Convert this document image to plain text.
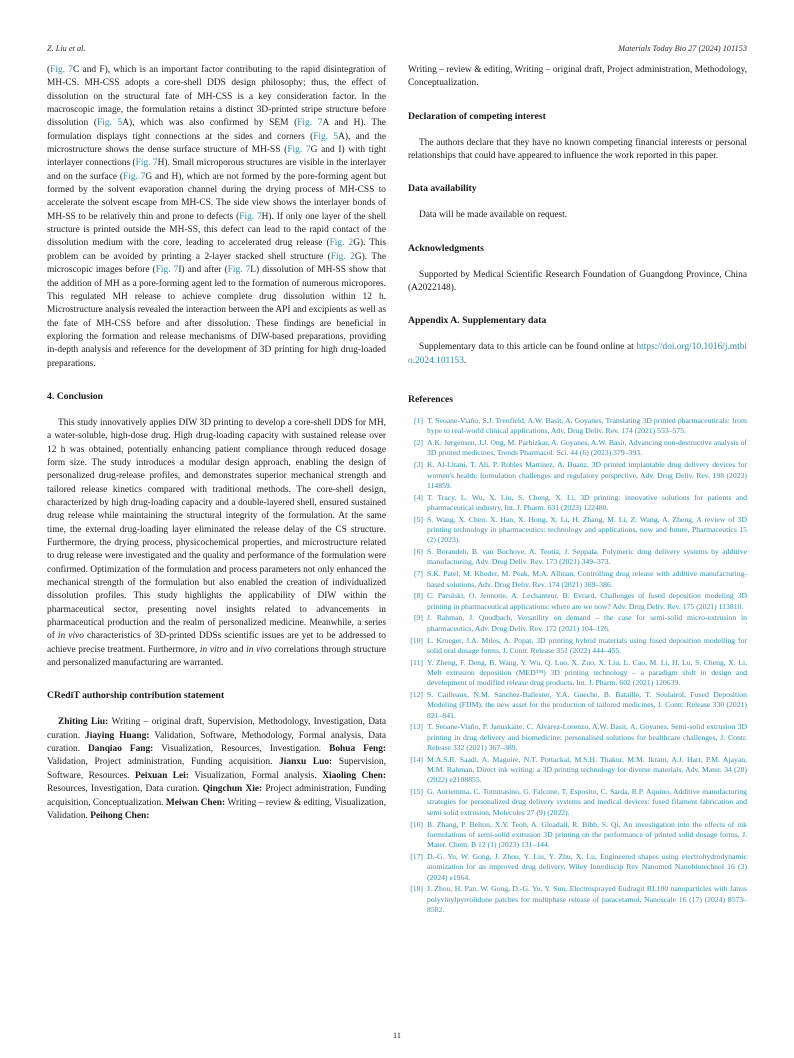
Z. Liu et al.	Materials Today Bio 27 (2024) 101153

(Fig. 7C and F), which is an important factor contributing to the rapid disintegration of MH-CS. MH-CSS adopts a core-shell DDS design philosophy; thus, the effect of dissolution on the structural fate of MH-CSS is a key consideration factor. In the macroscopic image, the formulation retains a distinct 3D-printed stripe structure before dissolution (Fig. 5A), which was also confirmed by SEM (Fig. 7A and H). The formulation displays tight connections at the sides and corners (Fig. 5A), and the microstructure shows the dense surface structure of MH-SS (Fig. 7G and I) with tight interlayer connections (Fig. 7H). Small microporous structures are visible in the interlayer and on the surface (Fig. 7G and H), which are not formed by the pore-forming agent but formed by the solvent evaporation channel during the drying process of MH-CSS to accelerate the solvent escape from MH-CS. The side view shows the interlayer bonds of MH-SS to be relatively thin and prone to defects (Fig. 7H). If only one layer of the shell structure is printed outside the MH-SS, this defect can lead to the rapid contact of the dissolution medium with the core, leading to accelerated drug release (Fig. 2G). This problem can be avoided by printing a 2-layer stacked shell structure (Fig. 2G). The microscopic images before (Fig. 7I) and after (Fig. 7L) dissolution of MH-SS show that the addition of MH as a pore-forming agent led to the formation of numerous micropores. This regulated MH release to achieve complete drug dissolution within 12 h. Microstructure analysis revealed the interaction between the API and excipients as well as the fate of MH-CSS before and after dissolution. These findings are beneficial in exploring the formation and release mechanisms of DIW-based preparations, providing in-depth analysis and reference for the development of 3D printing for high drug-loaded preparations.

4. Conclusion

This study innovatively applies DIW 3D printing to develop a core-shell DDS for MH, a water-soluble, high-dose drug. High drug-loading capacity with sustained release over 12 h was obtained, potentially enhancing patient compliance through reduced dosage form size. The study introduces a modular design approach, enabling the design of personalized drug-release profiles, and demonstrates superior mechanical strength and tailored release kinetics compared with traditional methods. The core-shell design, characterized by high drug-loading capacity and a double-layered shell, ensured sustained drug release while maintaining the structural integrity of the formulation. At the same time, the external drug-loading layer eliminated the release delay of the CS structure. Furthermore, the drying process, physicochemical properties, and microstructure related to drug release were investigated and the quality and performance of the formulation were confirmed. Optimization of the formulation and process parameters not only enhanced the mechanical strength of the formulation but also enabled the creation of individualized dissolution profiles. This study highlights the applicability of DIW within the pharmaceutical sector, presenting novel insights related to advancements in pharmaceutical production and the realm of personalized medicine. Meanwhile, a series of in vivo characteristics of 3D-printed DDSs scientific issues are yet to be addressed to achieve precise treatment. Furthermore, in vitro and in vivo correlations through structure and personalized manufacturing are warranted.

CRediT authorship contribution statement

Zhiting Liu: Writing – original draft, Supervision, Methodology, Investigation, Data curation. Jiaying Huang: Validation, Software, Methodology, Formal analysis, Data curation. Danqiao Fang: Visualization, Resources, Investigation. Bohua Feng: Validation, Project administration, Funding acquisition. Jianxu Luo: Supervision, Software, Resources. Peixuan Lei: Visualization, Formal analysis. Xiaoling Chen: Resources, Investigation, Data curation. Qingchun Xie: Project administration, Funding acquisition, Conceptualization. Meiwan Chen: Writing – review & editing, Visualization, Validation. Peihong Chen:

Writing – review & editing, Writing – original draft, Project administration, Methodology, Conceptualization.

Declaration of competing interest

The authors declare that they have no known competing financial interests or personal relationships that could have appeared to influence the work reported in this paper.

Data availability

Data will be made available on request.

Acknowledgments

Supported by Medical Scientific Research Foundation of Guangdong Province, China (A2022148).

Appendix A. Supplementary data

Supplementary data to this article can be found online at https://doi.org/10.1016/j.mtbio.2024.101153.

References
[1] T. Seoane-Viaño, S.J. Trenfield, A.W. Basit, A. Goyanes, Translating 3D printed pharmaceuticals: from hype to real-world clinical applications, Adv. Drug Deliv. Rev. 174 (2021) 553–575.
[2] A.K. Jørgensen, J.J. Ong, M. Parhizkar, A. Goyanes, A.W. Basit, Advancing non-destructive analysis of 3D printed medicines, Trends Pharmacol. Sci. 44 (6) (2023) 379–393.
[3] K. Al-Litani, T. Ali, P. Robles Martinez, A. Buanz, 3D printed implantable drug delivery devices for women's health: formulation challenges and regulatory perspective, Adv. Drug Deliv. Rev. 198 (2023) 114859.
[4] T. Tracy, L. Wu, X. Liu, S. Cheng, X. Li, 3D printing: innovative solutions for patients and pharmaceutical industry, Int. J. Pharm. 631 (2023) 122480.
[5] S. Wang, X. Chen, X. Han, X. Hong, X. Li, H. Zhang, M. Li, Z. Wang, A. Zheng, A review of 3D printing technology in pharmaceutics: technology and applications, now and future, Pharmaceutics 15 (2) (2023).
[6] S. Borandeh, B. van Bochove, A. Teotia, J. Seppala, Polymeric drug delivery systems by additive manufacturing, Adv. Drug Deliv. Rev. 173 (2021) 349–373.
[7] S.K. Patel, M. Khoder, M. Peak, M.A. Alhnan, Controlling drug release with additive manufacturing-based solutions, Adv. Drug Deliv. Rev. 174 (2021) 369–386.
[8] C. Parulski, O. Jennotte, A. Lechanteur, B. Evrard, Challenges of fused deposition modeling 3D printing in pharmaceutical applications: where are we now? Adv. Drug Deliv. Rev. 175 (2021) 113810.
[9] J. Rahman, J. Quodbach, Versatility on demand – the case for semi-solid micro-extrusion in pharmaceutics, Adv. Drug Deliv. Rev. 172 (2021) 104–126.
[10] L. Krueger, J.A. Miles, A. Popat, 3D printing hybrid materials using fused deposition modelling for solid oral dosage forms, J. Contr. Release 351 (2022) 444–455.
[11] Y. Zheng, F. Deng, B. Wang, Y. Wu, Q. Luo, X. Zuo, X. Liu, L. Cao, M. Li, H. Lu, S. Cheng, X. Li, Melt extrusion deposition (MED™) 3D printing technology – a paradigm shift in design and development of modified release drug products, Int. J. Pharm. 602 (2021) 120639.
[12] S. Cailleaux, N.M. Sanchez-Ballester, Y.A. Gueche, B. Bataille, T. Soulairol, Fused Deposition Modeling (FDM), the new asset for the production of tailored medicines, J. Contr. Release 330 (2021) 821–841.
[13] T. Seoane-Viaño, P. Januskaite, C. Alvarez-Lorenzo, A.W. Basit, A. Goyanes, Semi-solid extrusion 3D printing in drug delivery and biomedicine: personalised solutions for healthcare challenges, J. Contr. Release 332 (2021) 367–389.
[14] M.A.S.R. Saadi, A. Maguire, N.T. Pottackal, M.S.H. Thakur, M.M. Ikram, A.J. Hart, P.M. Ajayan, M.M. Rahman, Direct ink writing: a 3D printing technology for diverse materials, Adv. Mater. 34 (28) (2022) e2108855.
[15] G. Auriemma, C. Tommasino, G. Falcone, T. Esposito, C. Sarda, R.P. Aquino, Additive manufacturing strategies for personalized drug delivery systems and medical devices: fused filament fabrication and semi solid extrusion, Molecules 27 (9) (2022).
[16] B. Zhang, P. Belton, X.Y. Teoh, A. Gleadall, R. Bibb, S. Qi, An investigation into the effects of ink formulations of semi-solid extrusion 3D printing on the performance of printed solid dosage forms, J. Mater. Chem. B 12 (1) (2023) 131–144.
[17] D.-G. Yu, W. Gong, J. Zhou, Y. Liu, Y. Zhu, X. Lu, Engineered shapes using electrohydrodynamic atomization for an improved drug delivery, Wiley Interdiscip Rev Nanomed Nanobiotechnol 16 (3) (2024) e1964.
[18] J. Zhou, H. Pan, W. Gong, D.-G. Yu, Y. Sun, Electrosprayed Eudragit RL100 nanoparticles with Janus polyvinylpyrrolidone patches for multiphase release of paracetamol, Nanoscale 16 (17) (2024) 8573–8582.
11
